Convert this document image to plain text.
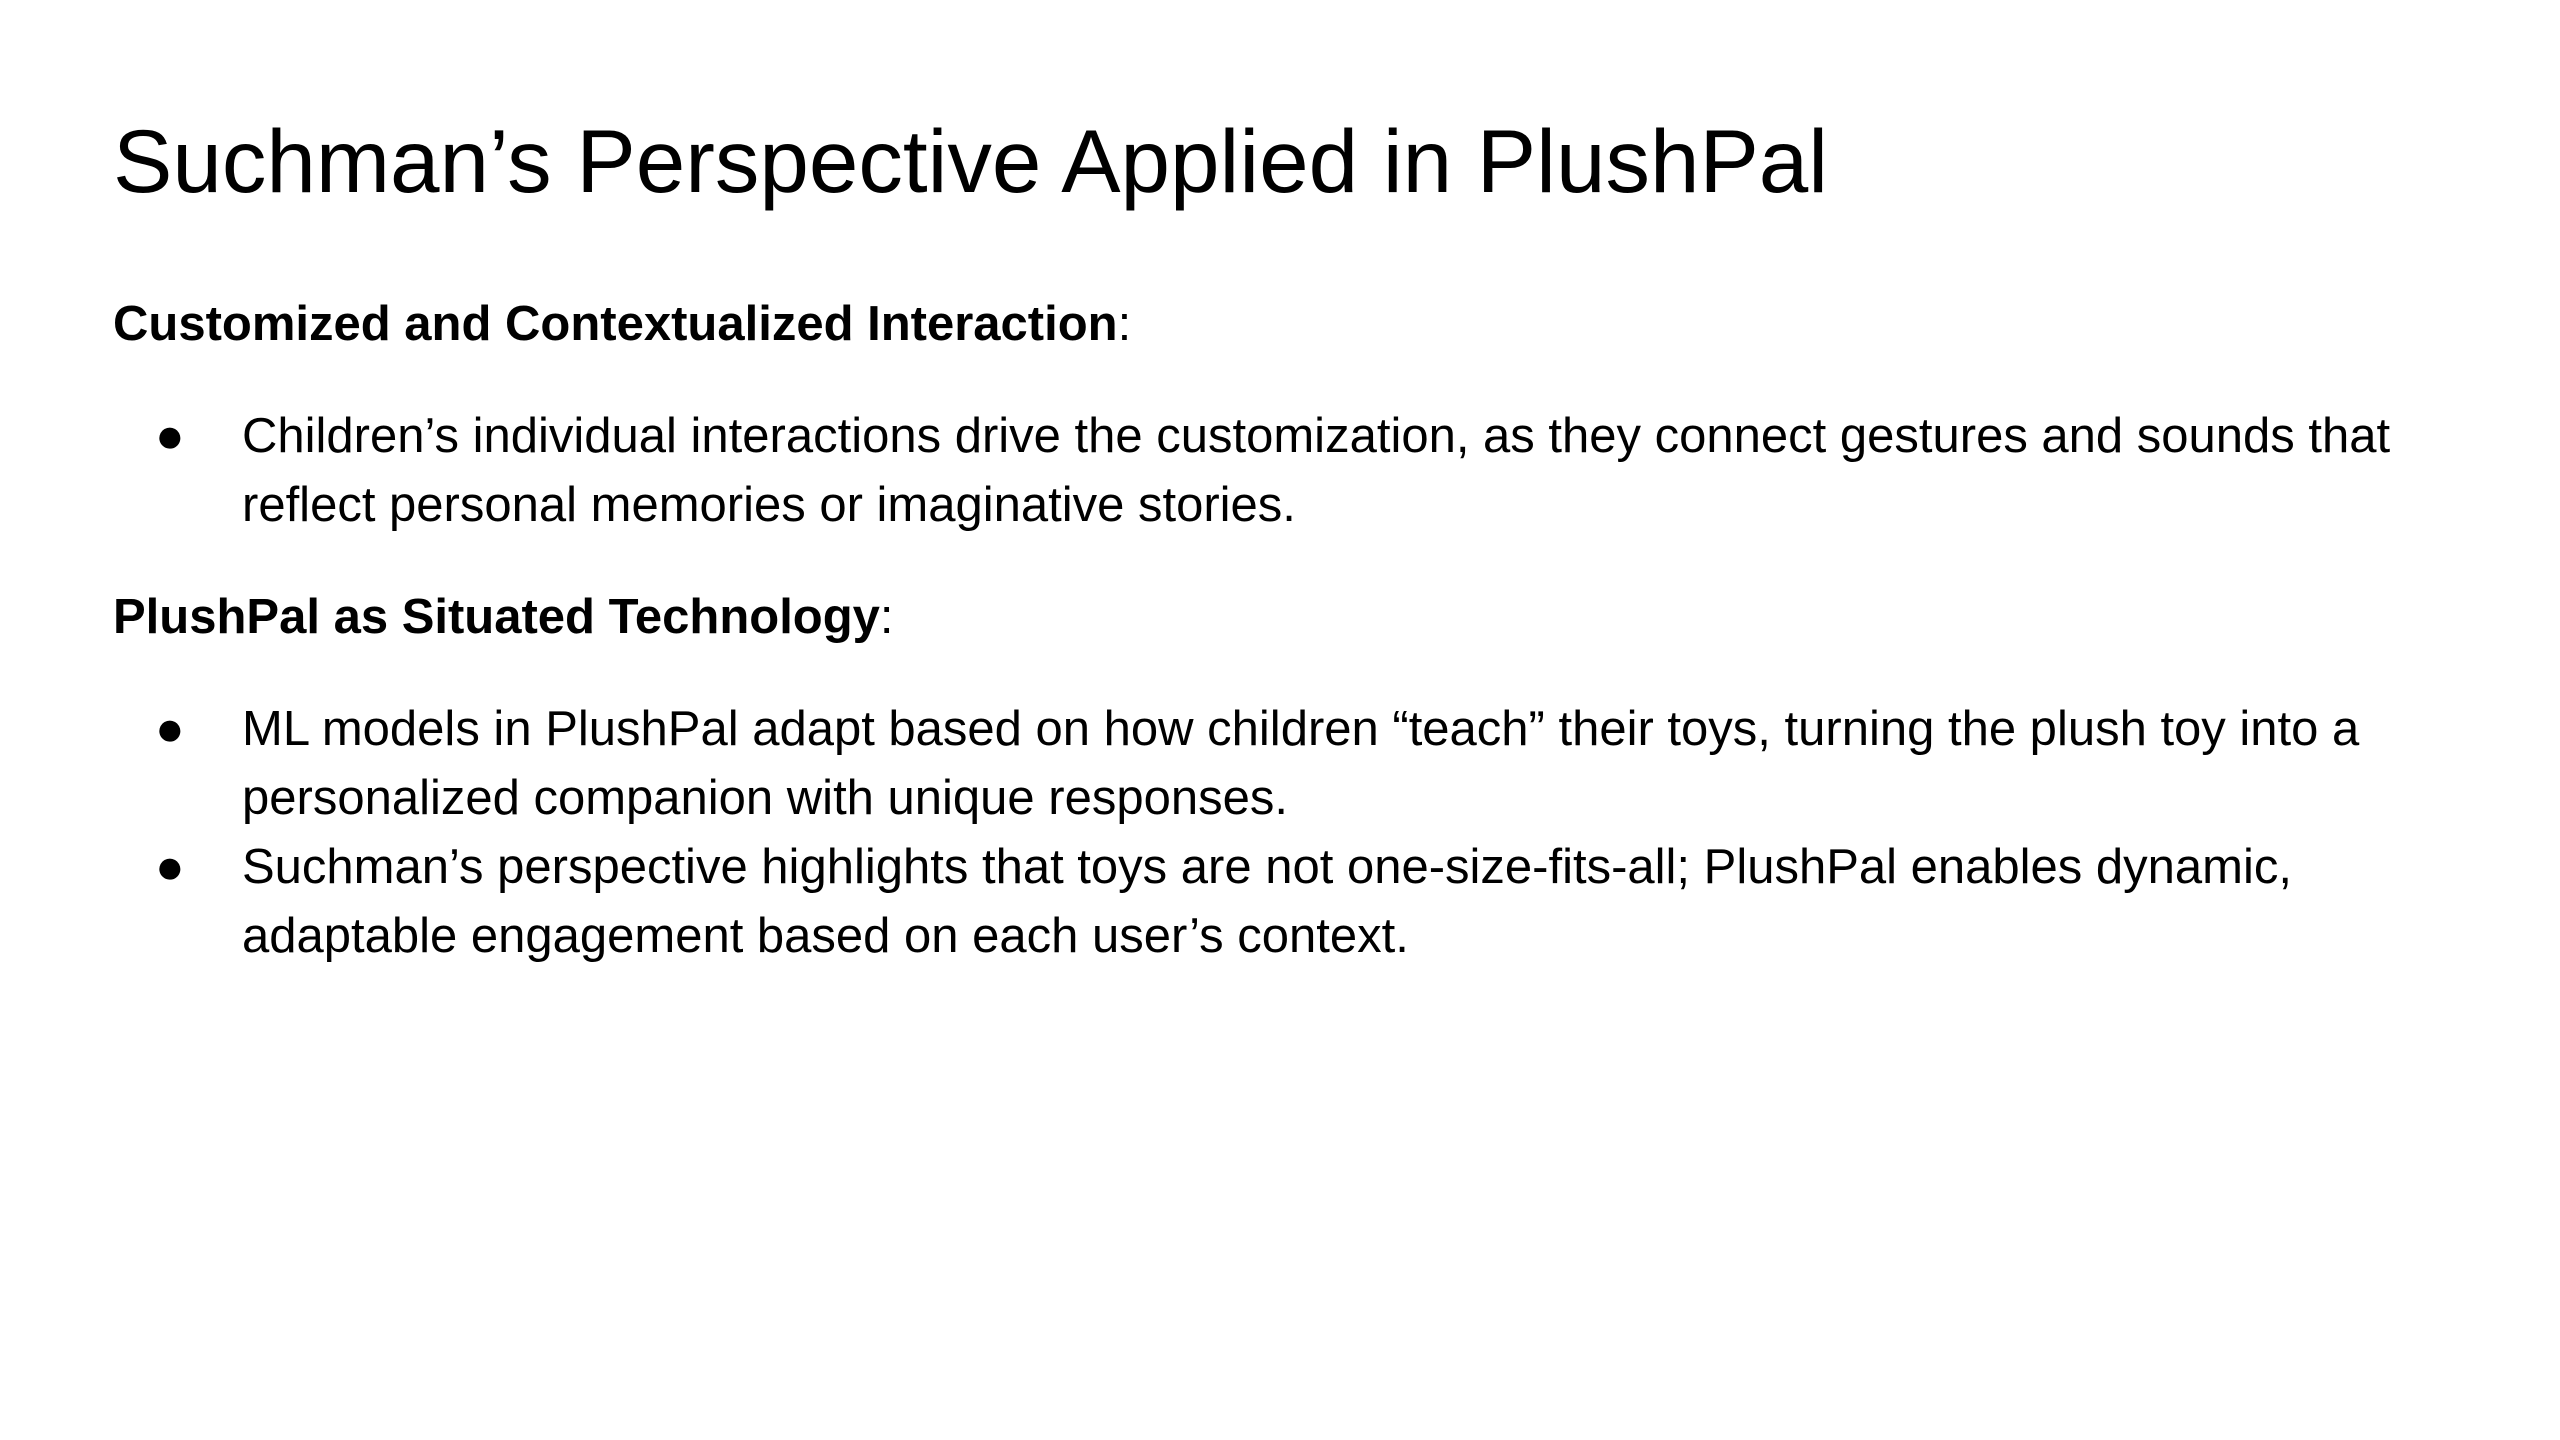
Suchman’s Perspective Applied in PlushPal

Customized and Contextualized Interaction:

● Children’s individual interactions drive the customization, as they connect gestures and sounds that reflect personal memories or imaginative stories.

PlushPal as Situated Technology:

● ML models in PlushPal adapt based on how children “teach” their toys, turning the plush toy into a personalized companion with unique responses.
● Suchman’s perspective highlights that toys are not one-size-fits-all; PlushPal enables dynamic, adaptable engagement based on each user’s context.
